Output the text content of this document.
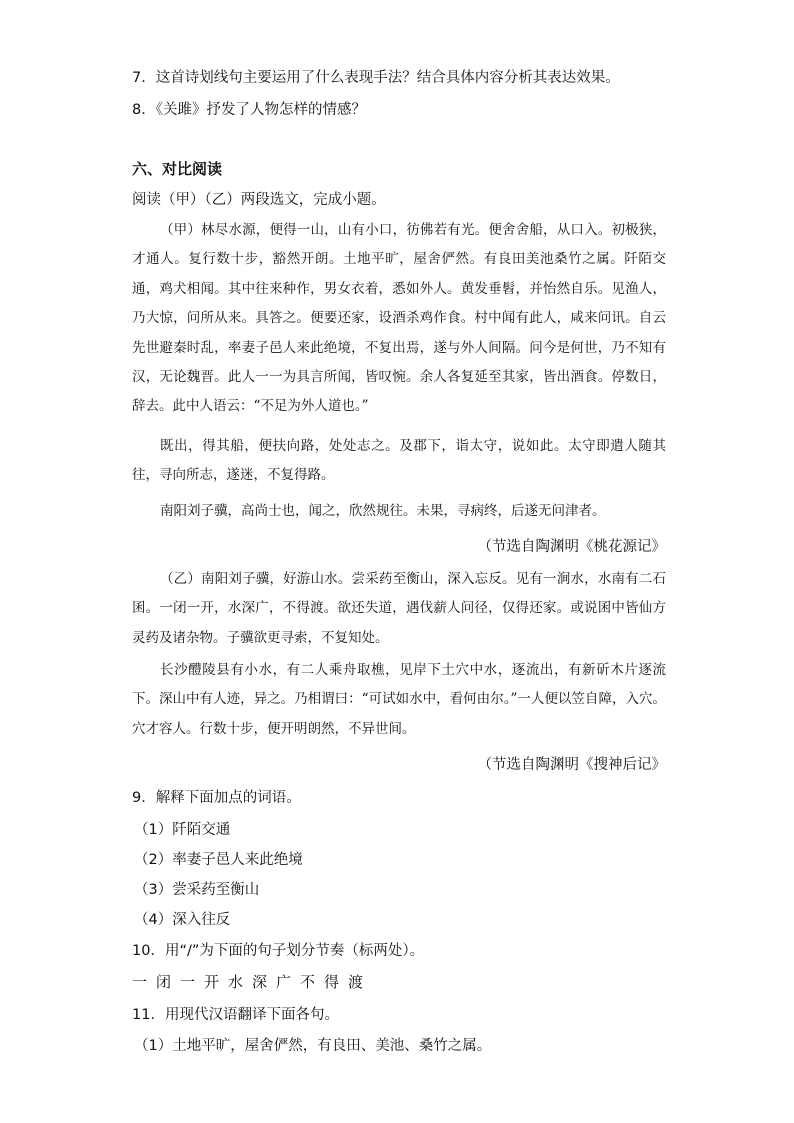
7．这首诗划线句主要运用了什么表现手法？结合具体内容分析其表达效果。
8．《关雎》抒发了人物怎样的情感？
六、对比阅读
阅读（甲）（乙）两段选文，完成小题。
（甲）林尽水源，便得一山，山有小口，彷佛若有光。便舍舍船，从口入。初极狭，才通人。复行数十步，豁然开朗。土地平旷，屋舍俨然。有良田美池桑竹之属。阡陌交通，鸡犬相闻。其中往来种作，男女衣着，悉如外人。黄发垂髫，并怡然自乐。见渔人，乃大惊，问所从来。具答之。便要还家，设酒杀鸡作食。村中闻有此人，咸来问讯。自云先世避秦时乱，率妻子邑人来此绝境，不复出焉，遂与外人间隔。问今是何世，乃不知有汉，无论魏晋。此人一一为具言所闻，皆叹惋。余人各复延至其家，皆出酒食。停数日，辞去。此中人语云：“不足为外人道也。”
既出，得其船，便扶向路，处处志之。及郡下，诣太守，说如此。太守即遣人随其往，寻向所志，遂迷，不复得路。
南阳刘子骥，高尚士也，闻之，欣然规往。未果，寻病终，后遂无问津者。
（节选自陶渊明《桃花源记》
（乙）南阳刘子骥，好游山水。尝采药至衡山，深入忘反。见有一涧水，水南有二石囷。一闭一开，水深广，不得渡。欲还失道，遇伐薪人问径，仅得还家。或说囷中皆仙方灵药及诸杂物。子骥欲更寻索，不复知处。
长沙醴陵县有小水，有二人乘舟取樵，见岸下土穴中水，逐流出，有新斫木片逐流下。深山中有人迹，异之。乃相谓曰：“可试如水中，看何由尔。”一人便以笠自障，入穴。穴才容人。行数十步，便开明朗然，不异世间。
（节选自陶渊明《搜神后记》
9．解释下面加点的词语。
（1）阡陌交通
（2）率妻子邑人来此绝境
（3）尝采药至衡山
（4）深入往反
10．用“/”为下面的句子划分节奏（标两处）。
一闭一开水深广不得渡
11．用现代汉语翻译下面各句。
（1）土地平旷，屋舍俨然，有良田、美池、桑竹之属。
